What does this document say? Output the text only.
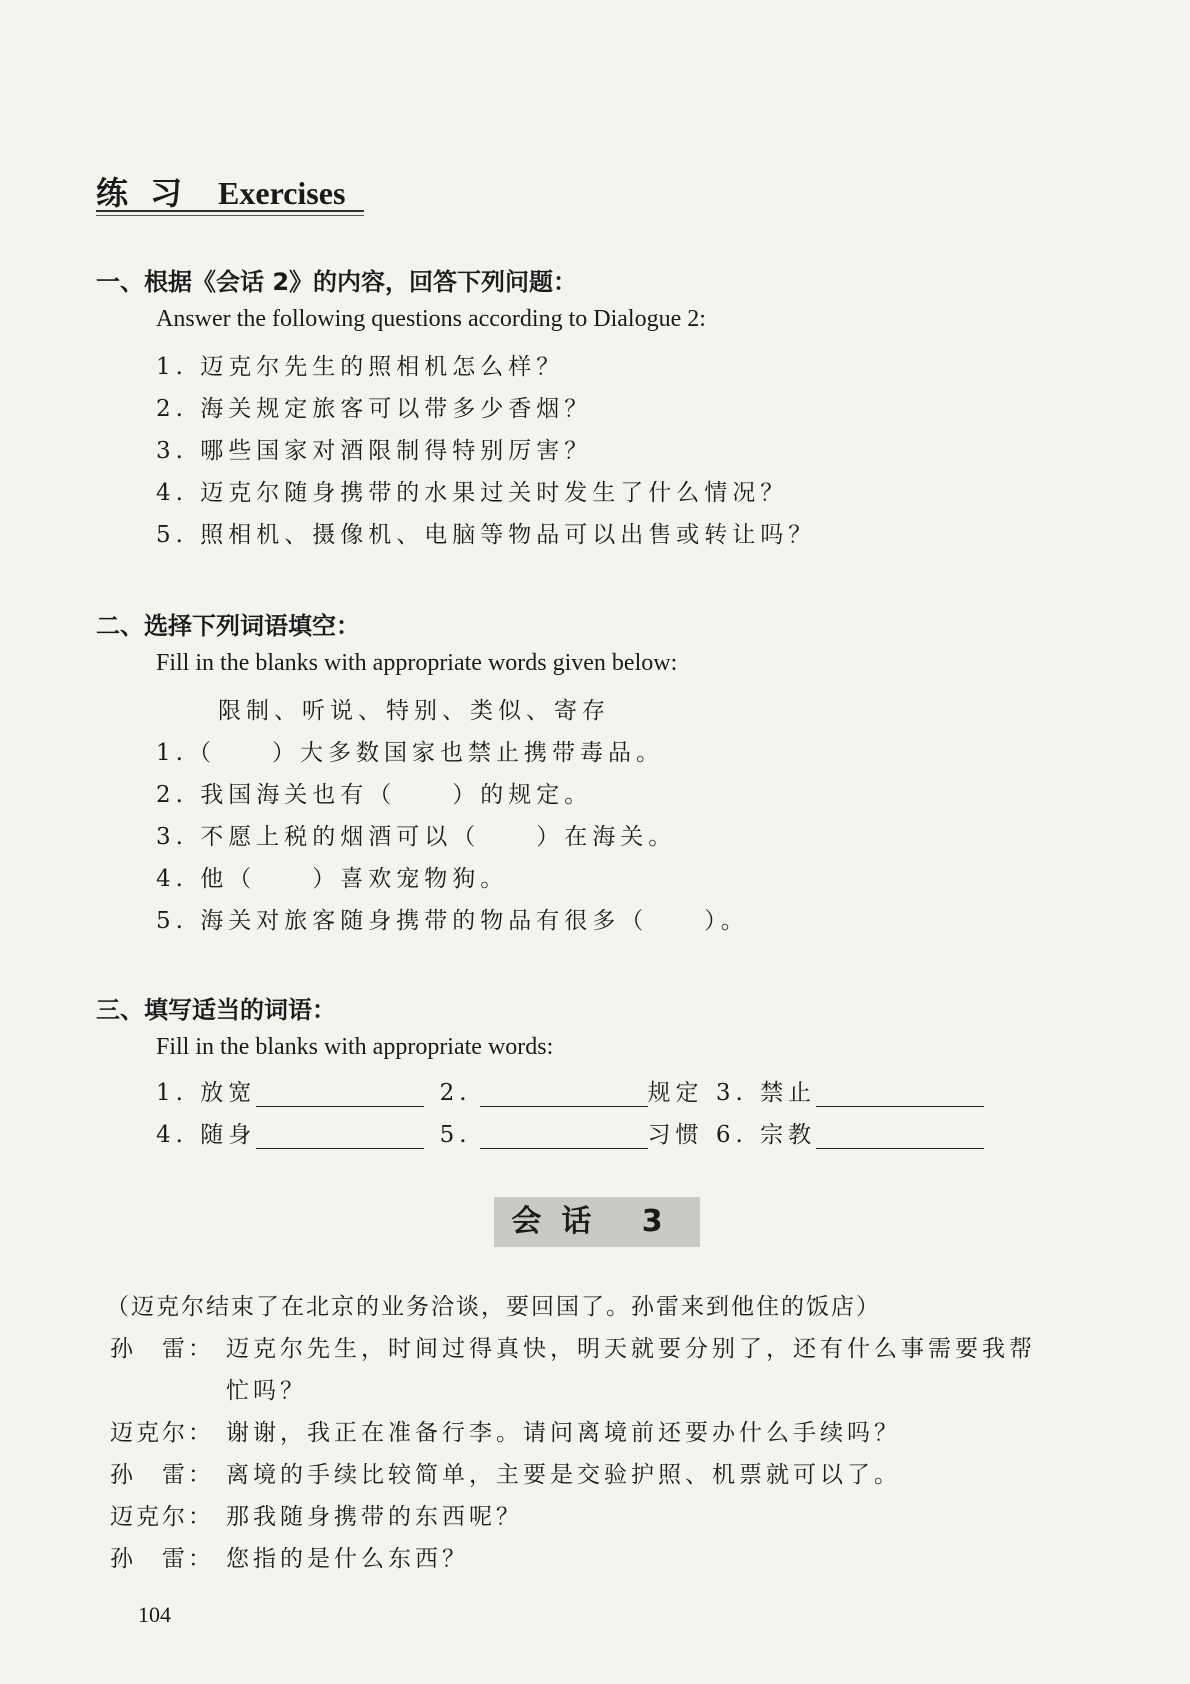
练习 Exercises
一、根据《会话 2》的内容，回答下列问题：
Answer the following questions according to Dialogue 2:
1. 迈克尔先生的照相机怎么样？
2. 海关规定旅客可以带多少香烟？
3. 哪些国家对酒限制得特别厉害？
4. 迈克尔随身携带的水果过关时发生了什么情况？
5. 照相机、摄像机、电脑等物品可以出售或转让吗？
二、选择下列词语填空：
Fill in the blanks with appropriate words given below:
限制、听说、特别、类似、寄存
1.（　　）大多数国家也禁止携带毒品。
2. 我国海关也有（　　）的规定。
3. 不愿上税的烟酒可以（　　）在海关。
4. 他（　　）喜欢宠物狗。
5. 海关对旅客随身携带的物品有很多（　　）。
三、填写适当的词语：
Fill in the blanks with appropriate words:
1. 放宽	2.	规定 3. 禁止
4. 随身	5.	习惯 6. 宗教
会话 3
（迈克尔结束了在北京的业务洽谈，要回国了。孙雷来到他住的饭店）
孙　雷： 迈克尔先生，时间过得真快，明天就要分别了，还有什么事需要我帮
忙吗？
迈克尔： 谢谢，我正在准备行李。请问离境前还要办什么手续吗？
孙　雷： 离境的手续比较简单，主要是交验护照、机票就可以了。
迈克尔： 那我随身携带的东西呢？
孙　雷： 您指的是什么东西？
104
